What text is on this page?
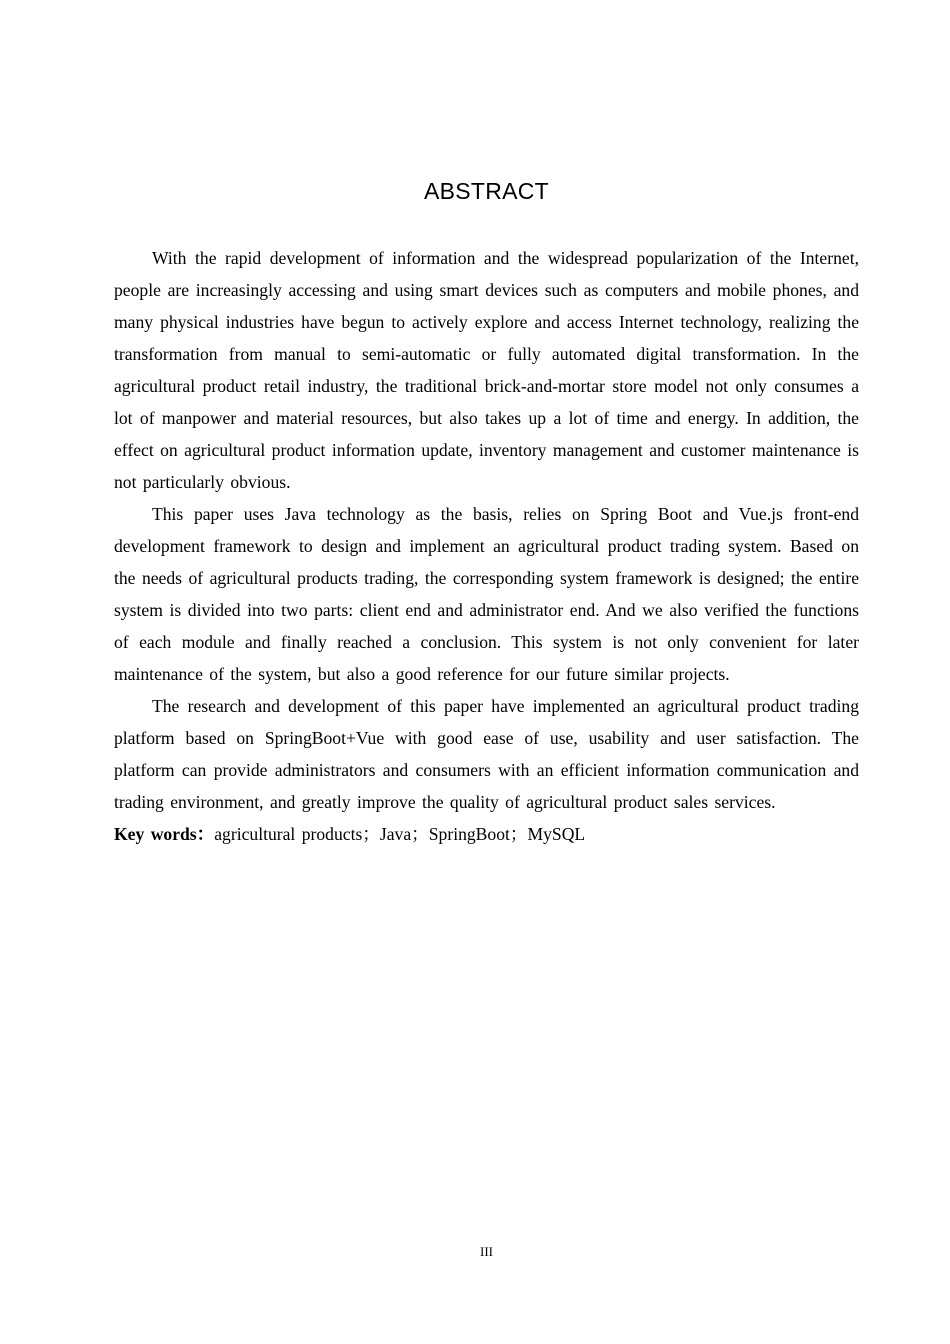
ABSTRACT

With the rapid development of information and the widespread popularization of the Internet, people are increasingly accessing and using smart devices such as computers and mobile phones, and many physical industries have begun to actively explore and access Internet technology, realizing the transformation from manual to semi-automatic or fully automated digital transformation. In the agricultural product retail industry, the traditional brick-and-mortar store model not only consumes a lot of manpower and material resources, but also takes up a lot of time and energy. In addition, the effect on agricultural product information update, inventory management and customer maintenance is not particularly obvious.

This paper uses Java technology as the basis, relies on Spring Boot and Vue.js front-end development framework to design and implement an agricultural product trading system. Based on the needs of agricultural products trading, the corresponding system framework is designed; the entire system is divided into two parts: client end and administrator end. And we also verified the functions of each module and finally reached a conclusion. This system is not only convenient for later maintenance of the system, but also a good reference for our future similar projects.

The research and development of this paper have implemented an agricultural product trading platform based on SpringBoot+Vue with good ease of use, usability and user satisfaction. The platform can provide administrators and consumers with an efficient information communication and trading environment, and greatly improve the quality of agricultural product sales services.

Key words：agricultural products；Java；SpringBoot；MySQL

III
